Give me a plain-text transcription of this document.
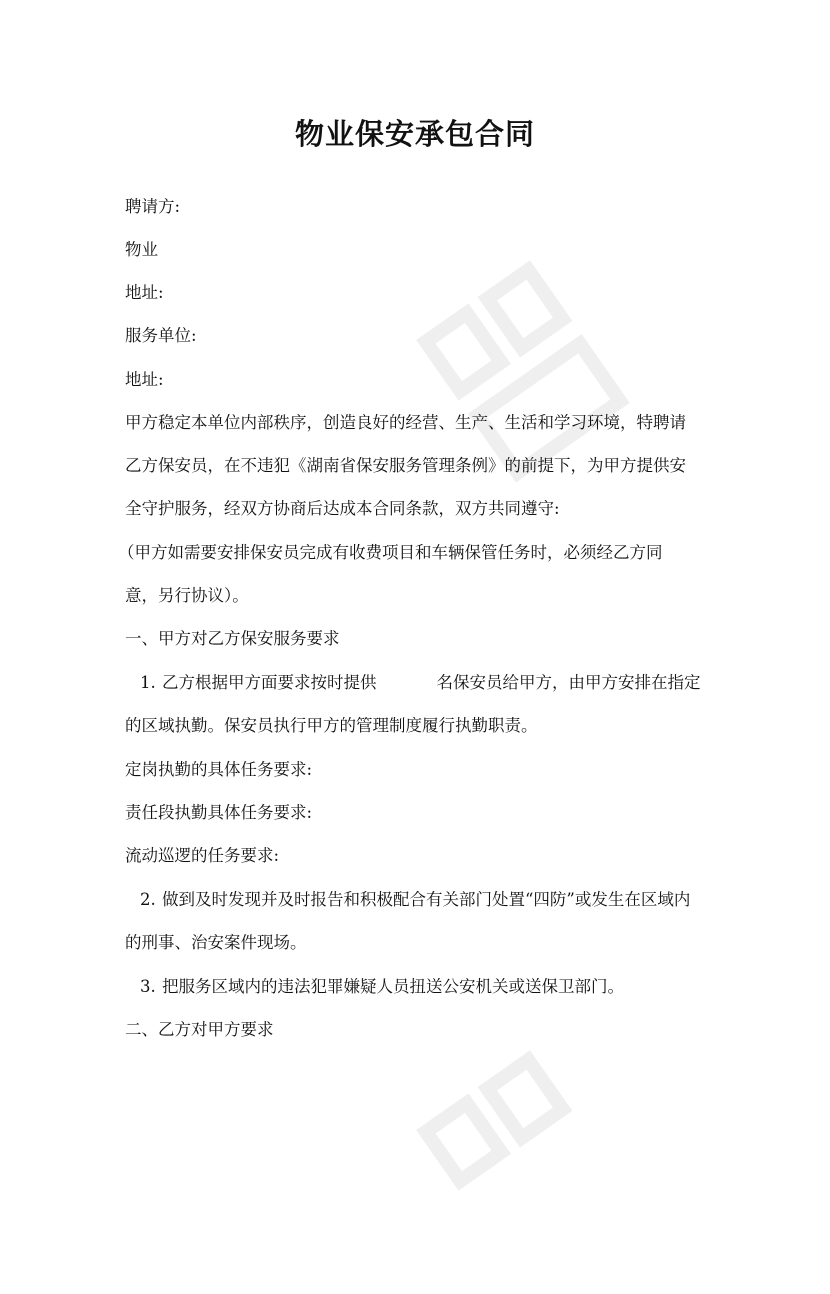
物业保安承包合同

聘请方:

物业

地址:

服务单位:

地址:

甲方稳定本单位内部秩序，创造良好的经营、生产、生活和学习环境，特聘请

乙方保安员，在不违犯《湖南省保安服务管理条例》的前提下，为甲方提供安

全守护服务，经双方协商后达成本合同条款，双方共同遵守:

（甲方如需要安排保安员完成有收费项目和车辆保管任务时，必须经乙方同

意，另行协议）。

一、甲方对乙方保安服务要求

1. 乙方根据甲方面要求按时提供	名保安员给甲方，由甲方安排在指定

的区域执勤。保安员执行甲方的管理制度履行执勤职责。

定岗执勤的具体任务要求:

责任段执勤具体任务要求:

流动巡逻的任务要求:

2. 做到及时发现并及时报告和积极配合有关部门处置“四防”或发生在区域内

的刑事、治安案件现场。

3. 把服务区域内的违法犯罪嫌疑人员扭送公安机关或送保卫部门。

二、乙方对甲方要求
